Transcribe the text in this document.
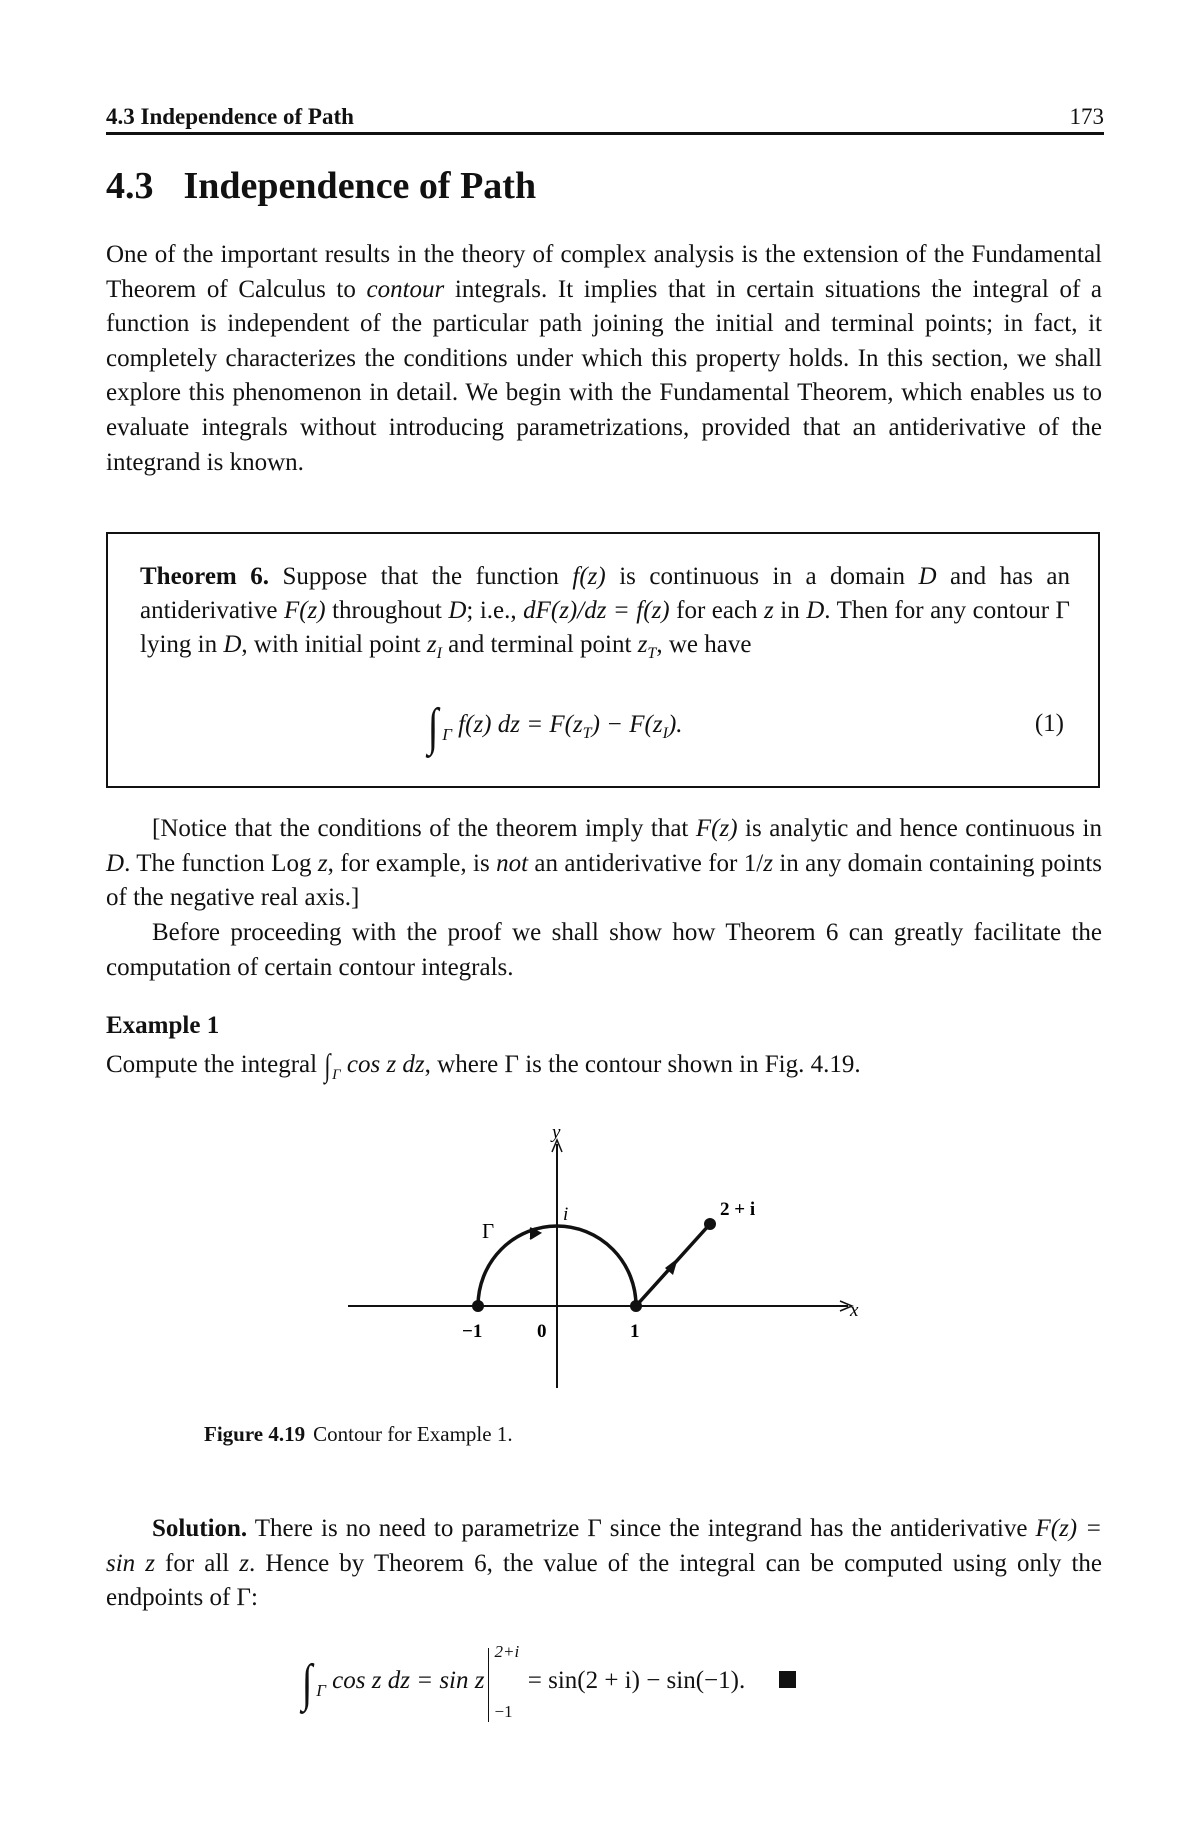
4.3 Independence of Path	173
4.3 Independence of Path

One of the important results in the theory of complex analysis is the extension of the Fundamental Theorem of Calculus to contour integrals. It implies that in certain situations the integral of a function is independent of the particular path joining the initial and terminal points; in fact, it completely characterizes the conditions under which this property holds. In this section, we shall explore this phenomenon in detail. We begin with the Fundamental Theorem, which enables us to evaluate integrals without introducing parametrizations, provided that an antiderivative of the integrand is known.

Theorem 6. Suppose that the function f(z) is continuous in a domain D and has an antiderivative F(z) throughout D; i.e., dF(z)/dz = f(z) for each z in D. Then for any contour Γ lying in D, with initial point $z_I$ and terminal point $z_T$, we have

∫ $_\Gamma$ f(z) dz = $F(z_T) - F(z_I)$.	(1)

[Notice that the conditions of the theorem imply that F(z) is analytic and hence continuous in D. The function Log z, for example, is not an antiderivative for 1/z in any domain containing points of the negative real axis.]

Before proceeding with the proof we shall show how Theorem 6 can greatly facilitate the computation of certain contour integrals.

Example 1

Compute the integral $\int_\Gamma$ cos z dz, where Γ is the contour shown in Fig. 4.19.

y
x
Γ
i	2 + i
−1	0	1
Figure 4.19 Contour for Example 1.

Solution. There is no need to parametrize Γ since the integrand has the antiderivative F(z) = sin z for all z. Hence by Theorem 6, the value of the integral can be computed using only the endpoints of Γ:

∫ $_\Gamma$ cos z dz = sin z
2+i
−1
= sin(2 + i) − sin(−1).
